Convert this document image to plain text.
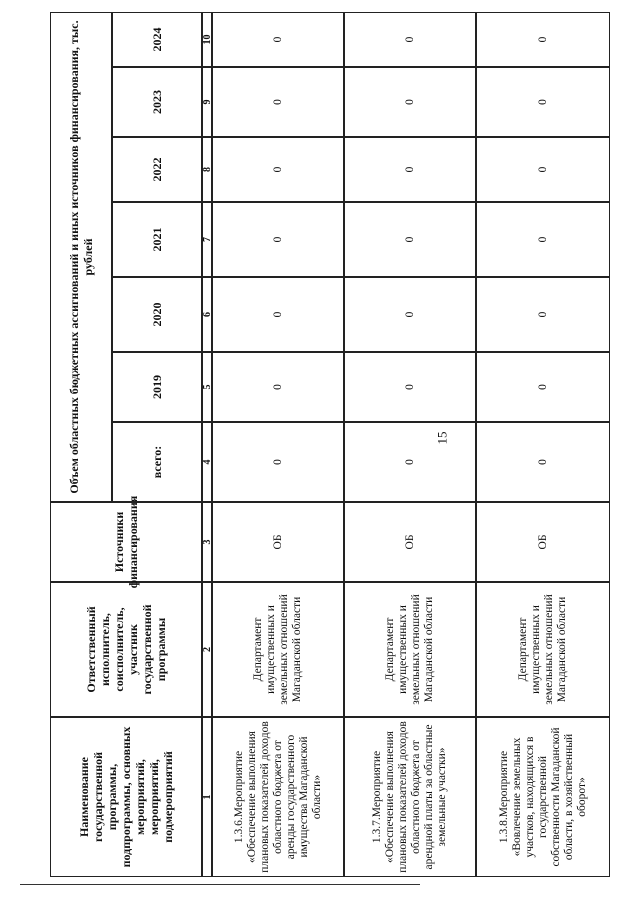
15
Наименование государственной программы, подпрограммы, основных мероприятий, мероприятий, подмероприятий
Ответственный исполнитель, соисполнитель, участник государственной программы
Источники финансирования
Объем областных бюджетных ассигнований и иных источников финансирования, тыс. рублей
всего:
2019
2020
2021
2022
2023
2024
1
2
3
4
5
6
7
8
9
10
1.3.6.Мероприятие «Обеспечение выполнения плановых показателей доходов областного бюджета от аренды государственного имущества Магаданской области»
Департамент имущественных и земельных отношений Магаданской области
ОБ
0
0
0
0
0
0
0
1.3.7.Мероприятие «Обеспечение выполнения плановых показателей доходов областного бюджета от арендной платы за областные земельные участки»
Департамент имущественных и земельных отношений Магаданской области
ОБ
0
0
0
0
0
0
0
1.3.8.Мероприятие «Вовлечение земельных участков, находящихся в государственной собственности Магаданской области, в хозяйственный оборот»
Департамент имущественных и земельных отношений Магаданской области
ОБ
0
0
0
0
0
0
0
